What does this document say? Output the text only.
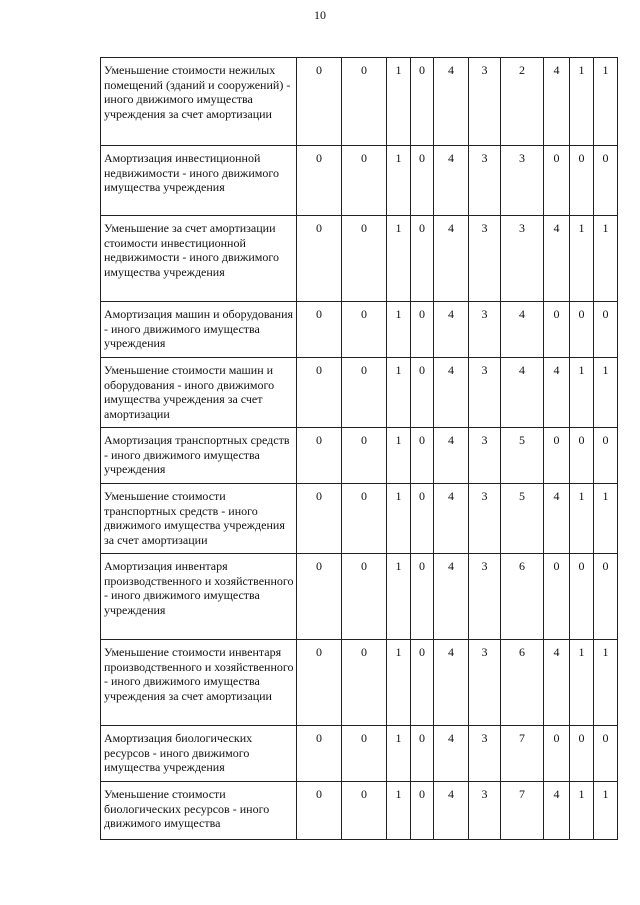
10
Уменьшение стоимости нежилых помещений (зданий и сооружений) - иного движимого имущества учреждения за счет амортизации	0	0	1	0	4	3	2	4	1	1
Амортизация инвестиционной недвижимости - иного движимого имущества учреждения	0	0	1	0	4	3	3	0	0	0
Уменьшение за счет амортизации стоимости инвестиционной недвижимости - иного движимого имущества учреждения	0	0	1	0	4	3	3	4	1	1
Амортизация машин и оборудования - иного движимого имущества учреждения	0	0	1	0	4	3	4	0	0	0
Уменьшение стоимости машин и оборудования - иного движимого имущества учреждения за счет амортизации	0	0	1	0	4	3	4	4	1	1
Амортизация транспортных средств - иного движимого имущества учреждения	0	0	1	0	4	3	5	0	0	0
Уменьшение стоимости транспортных средств - иного движимого имущества учреждения за счет амортизации	0	0	1	0	4	3	5	4	1	1
Амортизация инвентаря производственного и хозяйственного - иного движимого имущества учреждения	0	0	1	0	4	3	6	0	0	0
Уменьшение стоимости инвентаря производственного и хозяйственного - иного движимого имущества учреждения за счет амортизации	0	0	1	0	4	3	6	4	1	1
Амортизация биологических ресурсов - иного движимого имущества учреждения	0	0	1	0	4	3	7	0	0	0
Уменьшение стоимости биологических ресурсов - иного движимого имущества	0	0	1	0	4	3	7	4	1	1
